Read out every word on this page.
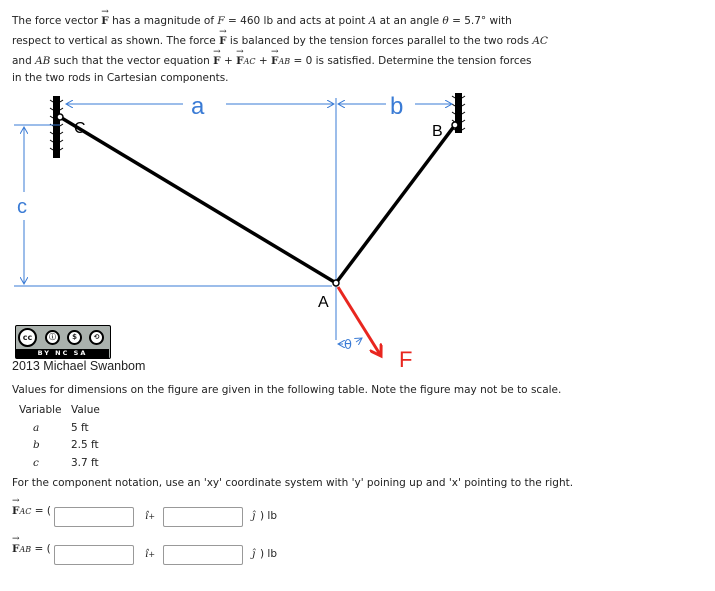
The force vector → F has a magnitude of F = 460 lb and acts at point A at an angle θ = 5.7° with
respect to vertical as shown. The force → F is balanced by the tension forces parallel to the two rods AC
and AB such that the vector equation → F + → FAC + → FAB = 0 is satisfied. Determine the tension forces
in the two rods in Cartesian components.
a	b
c
C	B
A
θ
F
cc	ⓘ	$	⟲
BY NC SA
2013 Michael Swanbom
Values for dimensions on the figure are given in the following table. Note the figure may not be to scale.
Variable Value
a	5 ft
b	2.5 ft
c	3.7 ft
For the component notation, use an 'xy' coordinate system with 'y' poining up and 'x' pointing to the right.
→ FAC = (	î+	ĵ ) lb
→ FAB = (	î+	ĵ ) lb
